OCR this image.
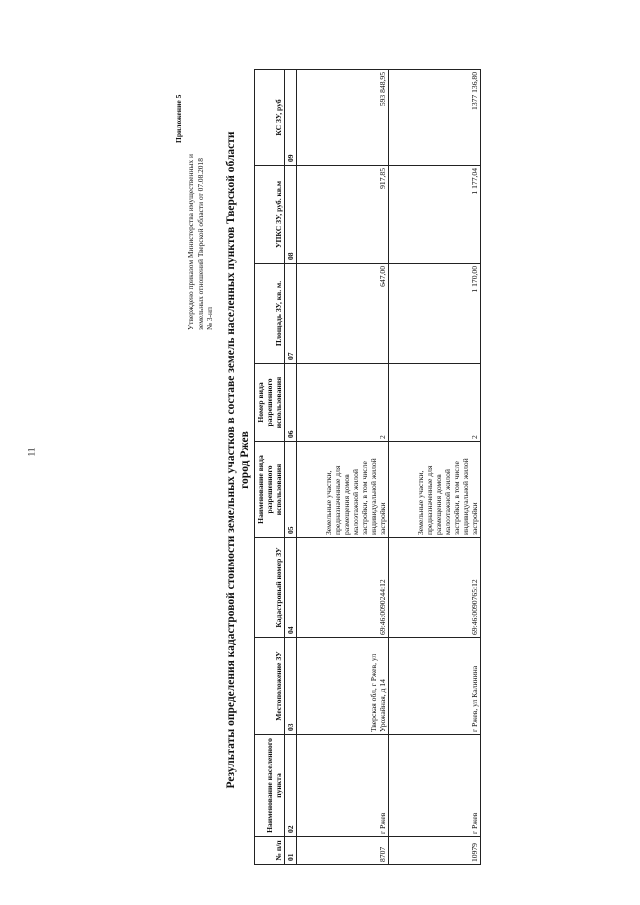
11
Утверждено приказом Министерства имущественных и земельных отношений Тверской области от 07.08.2018 № 3-нп
Приложение 5
Результаты определения кадастровой стоимости земельных участков в составе земель населенных пунктов Тверской области город Ржев
№ п/п	Наименование населенного пункта	Местоположение ЗУ	Кадастровый номер ЗУ	Наименование вида разрешенного использования	Номер вида разрешенного использования	Площадь ЗУ, кв. м.	УПКС ЗУ, руб. кв.м	КС ЗУ, руб
01	02	03	04	05	06	07	08	09
8707	г Ржев	Тверская обл, г Ржев, ул Урожайная, д 14	69:46:0090244:12	Земельные участки, предназначенные для размещения домов малоэтажной жилой застройки, в том числе индивидуальной жилой застройки	2	647,00	917,85	593 848,95
10979	г Ржев	г Ржев, ул Калинина	69:46:0090765:12	Земельные участки, предназначенные для размещения домов малоэтажной жилой застройки, в том числе индивидуальной жилой застройки	2	1 170,00	1 177,04	1377 136,80
